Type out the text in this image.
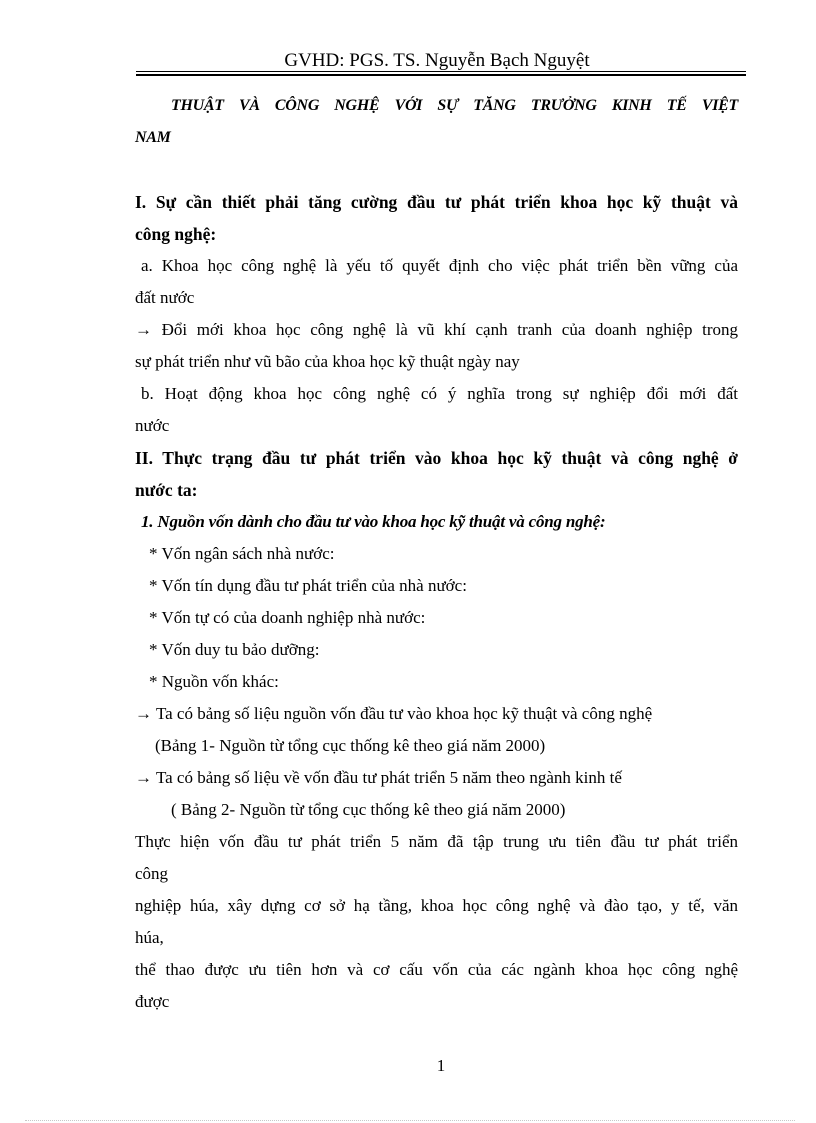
GVHD: PGS. TS. Nguyễn Bạch Nguyệt
THUẬT VÀ CÔNG NGHỆ VỚI SỰ TĂNG TRƯỞNG KINH TẾ VIỆT
NAM
I. Sự cần thiết phải tăng cường đầu tư phát triển khoa học kỹ thuật và
công nghệ:
a. Khoa học công nghệ là yếu tố quyết định cho việc phát triển bền vững của
đất nước
→ Đổi mới khoa học công nghệ là vũ khí cạnh tranh của doanh nghiệp trong
sự phát triển như vũ bão của khoa học kỹ thuật ngày nay
b. Hoạt động khoa học công nghệ có ý nghĩa trong sự nghiệp đổi mới đất
nước
II. Thực trạng đầu tư phát triển vào khoa học kỹ thuật và công nghệ ở
nước ta:
1. Nguồn vốn dành cho đầu tư vào khoa học kỹ thuật và công nghệ:
* Vốn ngân sách nhà nước:
* Vốn tín dụng đầu tư phát triển của nhà nước:
* Vốn tự có của doanh nghiệp nhà nước:
* Vốn duy tu bảo dưỡng:
* Nguồn vốn khác:
→ Ta có bảng số liệu nguồn vốn đầu tư vào khoa học kỹ thuật và công nghệ
(Bảng 1- Nguồn từ tổng cục thống kê theo giá năm 2000)
→ Ta có bảng số liệu về vốn đầu tư phát triển 5 năm theo ngành kinh tế
( Bảng 2- Nguồn từ tổng cục thống kê theo giá năm 2000)
Thực hiện vốn đầu tư phát triển 5 năm đã tập trung ưu tiên đầu tư phát triển
công
nghiệp húa, xây dựng cơ sở hạ tầng, khoa học công nghệ và đào tạo, y tế, văn
húa,
thể thao được ưu tiên hơn và cơ cấu vốn của các ngành khoa học công nghệ
được
1
